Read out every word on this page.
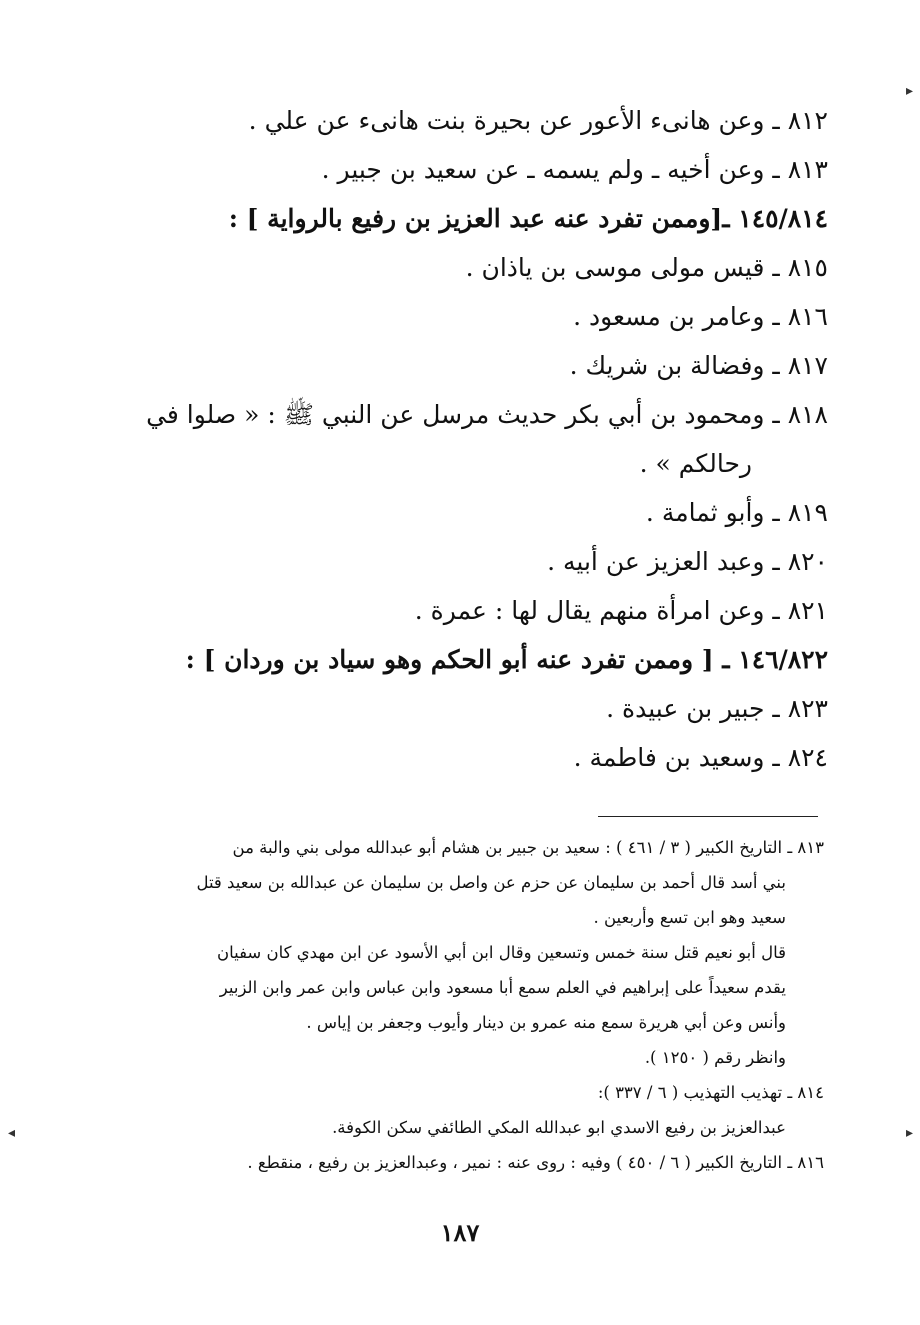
٨١٢ ـ وعن هانىء الأعور عن بحيرة بنت هانىء عن علي .
٨١٣ ـ وعن أخيه ـ ولم يسمه ـ عن سعيد بن جبير .
١٤٥/٨١٤ ـ[وممن تفرد عنه عبد العزيز بن رفيع بالرواية ] :
٨١٥ ـ قيس مولى موسى بن ياذان .
٨١٦ ـ وعامر بن مسعود .
٨١٧ ـ وفضالة بن شريك .
٨١٨ ـ ومحمود بن أبي بكر حديث مرسل عن النبي ﷺ : « صلوا في
رحالكم » .
٨١٩ ـ وأبو ثمامة .
٨٢٠ ـ وعبد العزيز عن أبيه .
٨٢١ ـ وعن امرأة منهم يقال لها : عمرة .
١٤٦/٨٢٢ ـ [ وممن تفرد عنه أبو الحكم وهو سياد بن وردان ] :
٨٢٣ ـ جبير بن عبيدة .
٨٢٤ ـ وسعيد بن فاطمة .
٨١٣ ـ التاريخ الكبير ( ٣ / ٤٦١ ) : سعيد بن جبير بن هشام أبو عبدالله مولى بني والبة من
بني أسد قال أحمد بن سليمان عن حزم عن واصل بن سليمان عن عبدالله بن سعيد قتل
سعيد وهو ابن تسع وأربعين .
قال أبو نعيم قتل سنة خمس وتسعين وقال ابن أبي الأسود عن ابن مهدي كان سفيان
يقدم سعيداً على إبراهيم في العلم سمع أبا مسعود وابن عباس وابن عمر وابن الزبير
وأنس وعن أبي هريرة سمع منه عمرو بن دينار وأيوب وجعفر بن إياس .
وانظر رقم ( ١٢٥٠ ).
٨١٤ ـ تهذيب التهذيب ( ٦ / ٣٣٧ ):
عبدالعزيز بن رفيع الاسدي ابو عبدالله المكي الطائفي سكن الكوفة.
٨١٦ ـ التاريخ الكبير ( ٦ / ٤٥٠ ) وفيه : روى عنه : نمير ، وعبدالعزيز بن رفيع ، منقطع .
١٨٧
▸
▸
◂
